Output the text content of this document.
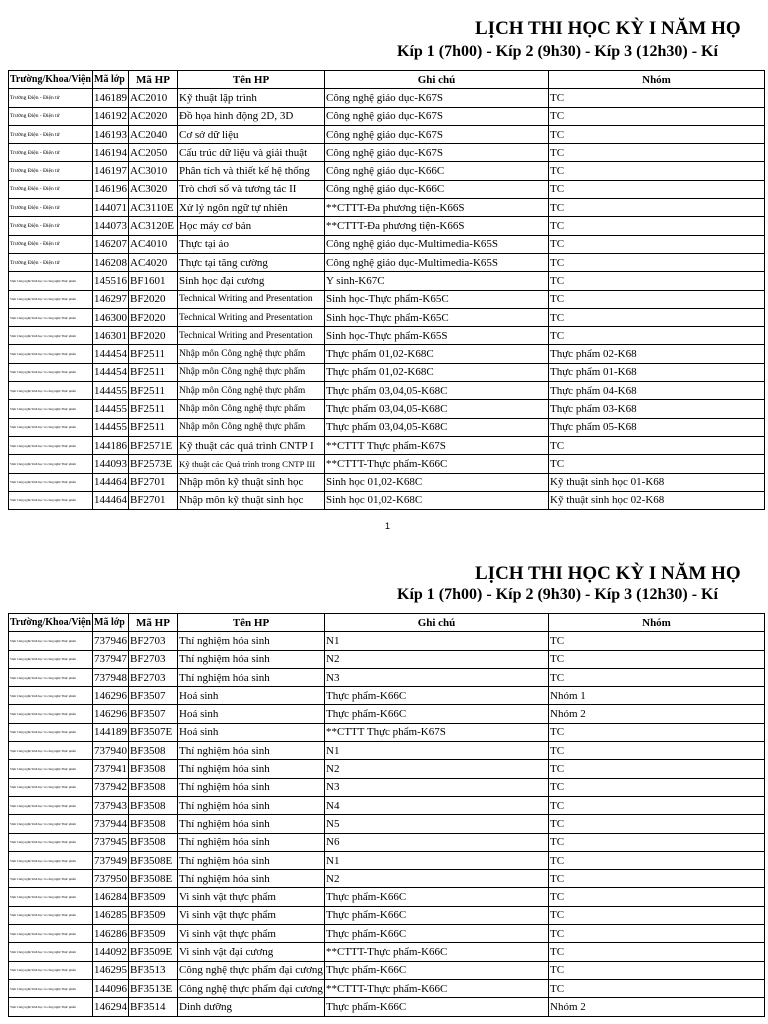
LỊCH THI HỌC KỲ I NĂM HỌ
Kíp 1 (7h00) - Kíp 2 (9h30) - Kíp 3 (12h30) - Kí
Trường/Khoa/Viện	Mã lớp	Mã HP	Tên HP	Ghi chú	Nhóm
Trường Điện - Điện tử	146189	AC2010	Kỹ thuật lập trình	Công nghệ giáo dục-K67S	TC
Trường Điện - Điện tử	146192	AC2020	Đồ họa hình động 2D, 3D	Công nghệ giáo dục-K67S	TC
Trường Điện - Điện tử	146193	AC2040	Cơ sở dữ liệu	Công nghệ giáo dục-K67S	TC
Trường Điện - Điện tử	146194	AC2050	Cấu trúc dữ liệu và giải thuật	Công nghệ giáo dục-K67S	TC
Trường Điện - Điện tử	146197	AC3010	Phân tích và thiết kế hệ thống	Công nghệ giáo dục-K66C	TC
Trường Điện - Điện tử	146196	AC3020	Trò chơi số và tương tác II	Công nghệ giáo dục-K66C	TC
Trường Điện - Điện tử	144071	AC3110E	Xử lý ngôn ngữ tự nhiên	**CTTT-Đa phương tiện-K66S	TC
Trường Điện - Điện tử	144073	AC3120E	Học máy cơ bản	**CTTT-Đa phương tiện-K66S	TC
Trường Điện - Điện tử	146207	AC4010	Thực tại ảo	Công nghệ giáo dục-Multimedia-K65S	TC
Trường Điện - Điện tử	146208	AC4020	Thực tại tăng cường	Công nghệ giáo dục-Multimedia-K65S	TC
Viện Công nghệ Sinh học và công nghệ Thực phẩm	145516	BF1601	Sinh học đại cương	Y sinh-K67C	TC
Viện Công nghệ Sinh học và công nghệ Thực phẩm	146297	BF2020	Technical Writing and Presentation	Sinh học-Thực phẩm-K65C	TC
Viện Công nghệ Sinh học và công nghệ Thực phẩm	146300	BF2020	Technical Writing and Presentation	Sinh học-Thực phẩm-K65C	TC
Viện Công nghệ Sinh học và công nghệ Thực phẩm	146301	BF2020	Technical Writing and Presentation	Sinh học-Thực phẩm-K65S	TC
Viện Công nghệ Sinh học và công nghệ Thực phẩm	144454	BF2511	Nhập môn Công nghệ thực phẩm	Thực phẩm 01,02-K68C	Thực phẩm 02-K68
Viện Công nghệ Sinh học và công nghệ Thực phẩm	144454	BF2511	Nhập môn Công nghệ thực phẩm	Thực phẩm 01,02-K68C	Thực phẩm 01-K68
Viện Công nghệ Sinh học và công nghệ Thực phẩm	144455	BF2511	Nhập môn Công nghệ thực phẩm	Thực phẩm 03,04,05-K68C	Thực phẩm 04-K68
Viện Công nghệ Sinh học và công nghệ Thực phẩm	144455	BF2511	Nhập môn Công nghệ thực phẩm	Thực phẩm 03,04,05-K68C	Thực phẩm 03-K68
Viện Công nghệ Sinh học và công nghệ Thực phẩm	144455	BF2511	Nhập môn Công nghệ thực phẩm	Thực phẩm 03,04,05-K68C	Thực phẩm 05-K68
Viện Công nghệ Sinh học và công nghệ Thực phẩm	144186	BF2571E	Kỹ thuật các quá trình CNTP I	**CTTT Thực phẩm-K67S	TC
Viện Công nghệ Sinh học và công nghệ Thực phẩm	144093	BF2573E	Kỹ thuật các Quá trình trong CNTP III	**CTTT-Thực phẩm-K66C	TC
Viện Công nghệ Sinh học và công nghệ Thực phẩm	144464	BF2701	Nhập môn kỹ thuật sinh học	Sinh học 01,02-K68C	Kỹ thuật sinh học 01-K68
Viện Công nghệ Sinh học và công nghệ Thực phẩm	144464	BF2701	Nhập môn kỹ thuật sinh học	Sinh học 01,02-K68C	Kỹ thuật sinh học 02-K68
1
LỊCH THI HỌC KỲ I NĂM HỌ
Kíp 1 (7h00) - Kíp 2 (9h30) - Kíp 3 (12h30) - Kí
Trường/Khoa/Viện	Mã lớp	Mã HP	Tên HP	Ghi chú	Nhóm
Viện Công nghệ Sinh học và công nghệ Thực phẩm	737946	BF2703	Thí nghiệm hóa sinh	N1	TC
Viện Công nghệ Sinh học và công nghệ Thực phẩm	737947	BF2703	Thí nghiệm hóa sinh	N2	TC
Viện Công nghệ Sinh học và công nghệ Thực phẩm	737948	BF2703	Thí nghiệm hóa sinh	N3	TC
Viện Công nghệ Sinh học và công nghệ Thực phẩm	146296	BF3507	Hoá sinh	Thực phẩm-K66C	Nhóm 1
Viện Công nghệ Sinh học và công nghệ Thực phẩm	146296	BF3507	Hoá sinh	Thực phẩm-K66C	Nhóm 2
Viện Công nghệ Sinh học và công nghệ Thực phẩm	144189	BF3507E	Hoá sinh	**CTTT Thực phẩm-K67S	TC
Viện Công nghệ Sinh học và công nghệ Thực phẩm	737940	BF3508	Thí nghiệm hóa sinh	N1	TC
Viện Công nghệ Sinh học và công nghệ Thực phẩm	737941	BF3508	Thí nghiệm hóa sinh	N2	TC
Viện Công nghệ Sinh học và công nghệ Thực phẩm	737942	BF3508	Thí nghiệm hóa sinh	N3	TC
Viện Công nghệ Sinh học và công nghệ Thực phẩm	737943	BF3508	Thí nghiệm hóa sinh	N4	TC
Viện Công nghệ Sinh học và công nghệ Thực phẩm	737944	BF3508	Thí nghiệm hóa sinh	N5	TC
Viện Công nghệ Sinh học và công nghệ Thực phẩm	737945	BF3508	Thí nghiệm hóa sinh	N6	TC
Viện Công nghệ Sinh học và công nghệ Thực phẩm	737949	BF3508E	Thí nghiệm hóa sinh	N1	TC
Viện Công nghệ Sinh học và công nghệ Thực phẩm	737950	BF3508E	Thí nghiệm hóa sinh	N2	TC
Viện Công nghệ Sinh học và công nghệ Thực phẩm	146284	BF3509	Vi sinh vật thực phẩm	Thực phẩm-K66C	TC
Viện Công nghệ Sinh học và công nghệ Thực phẩm	146285	BF3509	Vi sinh vật thực phẩm	Thực phẩm-K66C	TC
Viện Công nghệ Sinh học và công nghệ Thực phẩm	146286	BF3509	Vi sinh vật thực phẩm	Thực phẩm-K66C	TC
Viện Công nghệ Sinh học và công nghệ Thực phẩm	144092	BF3509E	Vi sinh vật đại cương	**CTTT-Thực phẩm-K66C	TC
Viện Công nghệ Sinh học và công nghệ Thực phẩm	146295	BF3513	Công nghệ thực phẩm đại cương	Thực phẩm-K66C	TC
Viện Công nghệ Sinh học và công nghệ Thực phẩm	144096	BF3513E	Công nghệ thực phẩm đại cương	**CTTT-Thực phẩm-K66C	TC
Viện Công nghệ Sinh học và công nghệ Thực phẩm	146294	BF3514	Dinh dưỡng	Thực phẩm-K66C	Nhóm 2
